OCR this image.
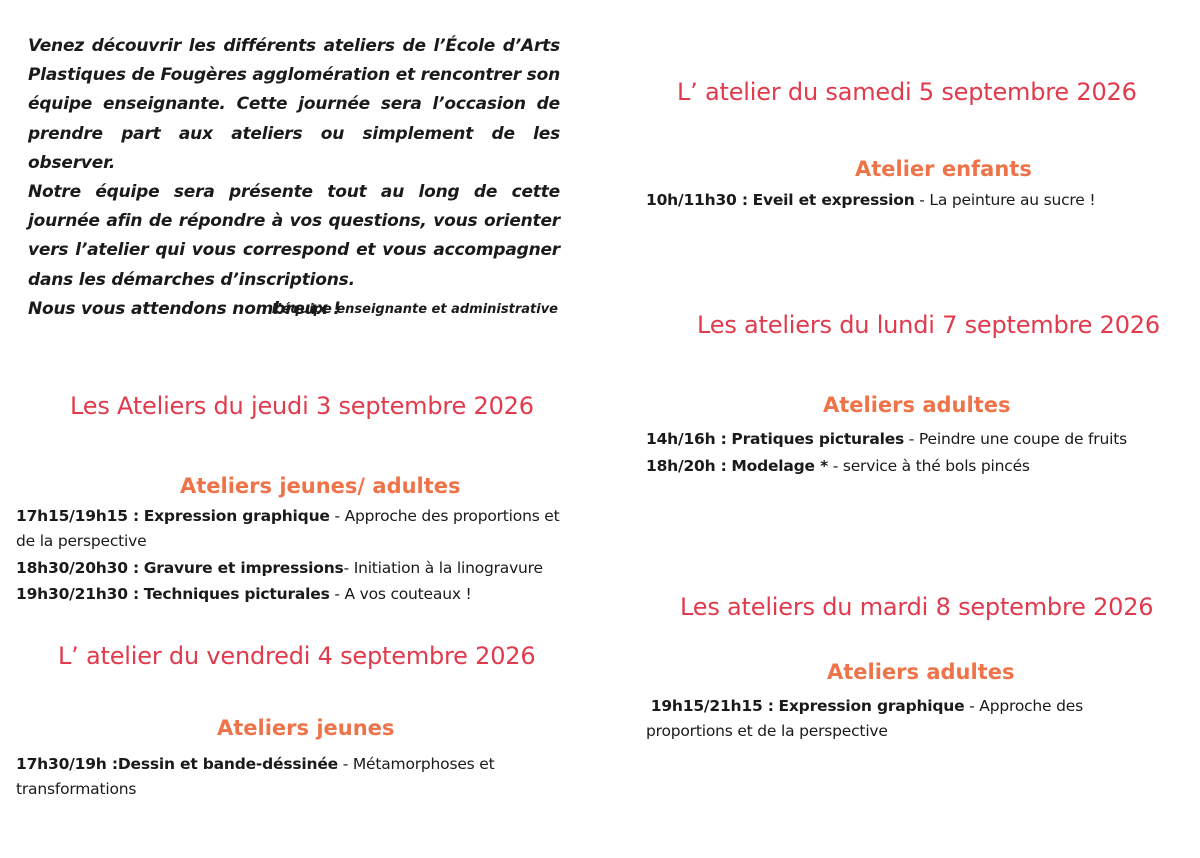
Venez découvrir les différents ateliers de l’École d’Arts Plastiques de Fougères agglomération et rencontrer son équipe enseignante. Cette journée sera l’occasion de prendre part aux ateliers ou simplement de les observer.

Notre équipe sera présente tout au long de cette journée afin de répondre à vos questions, vous orienter vers l’atelier qui vous correspond et vous accompagner dans les démarches d’inscriptions.

Nous vous attendons nombreux !

L’équipe enseignante et administrative
Les Ateliers du jeudi 3 septembre 2026
Ateliers jeunes/ adultes

17h15/19h15 : Expression graphique - Approche des proportions et de la perspective

18h30/20h30 : Gravure et impressions- Initiation à la linogravure

19h30/21h30 : Techniques picturales - A vos couteaux !

L’ atelier du vendredi 4 septembre 2026
Ateliers jeunes

17h30/19h :Dessin et bande-déssinée - Métamorphoses et transformations

L’ atelier du samedi 5 septembre 2026
Atelier enfants

10h/11h30 : Eveil et expression - La peinture au sucre !

Les ateliers du lundi 7 septembre 2026
Ateliers adultes

14h/16h : Pratiques picturales - Peindre une coupe de fruits

18h/20h : Modelage * - service à thé bols pincés

Les ateliers du mardi 8 septembre 2026
Ateliers adultes

19h15/21h15 : Expression graphique - Approche des proportions et de la perspective
